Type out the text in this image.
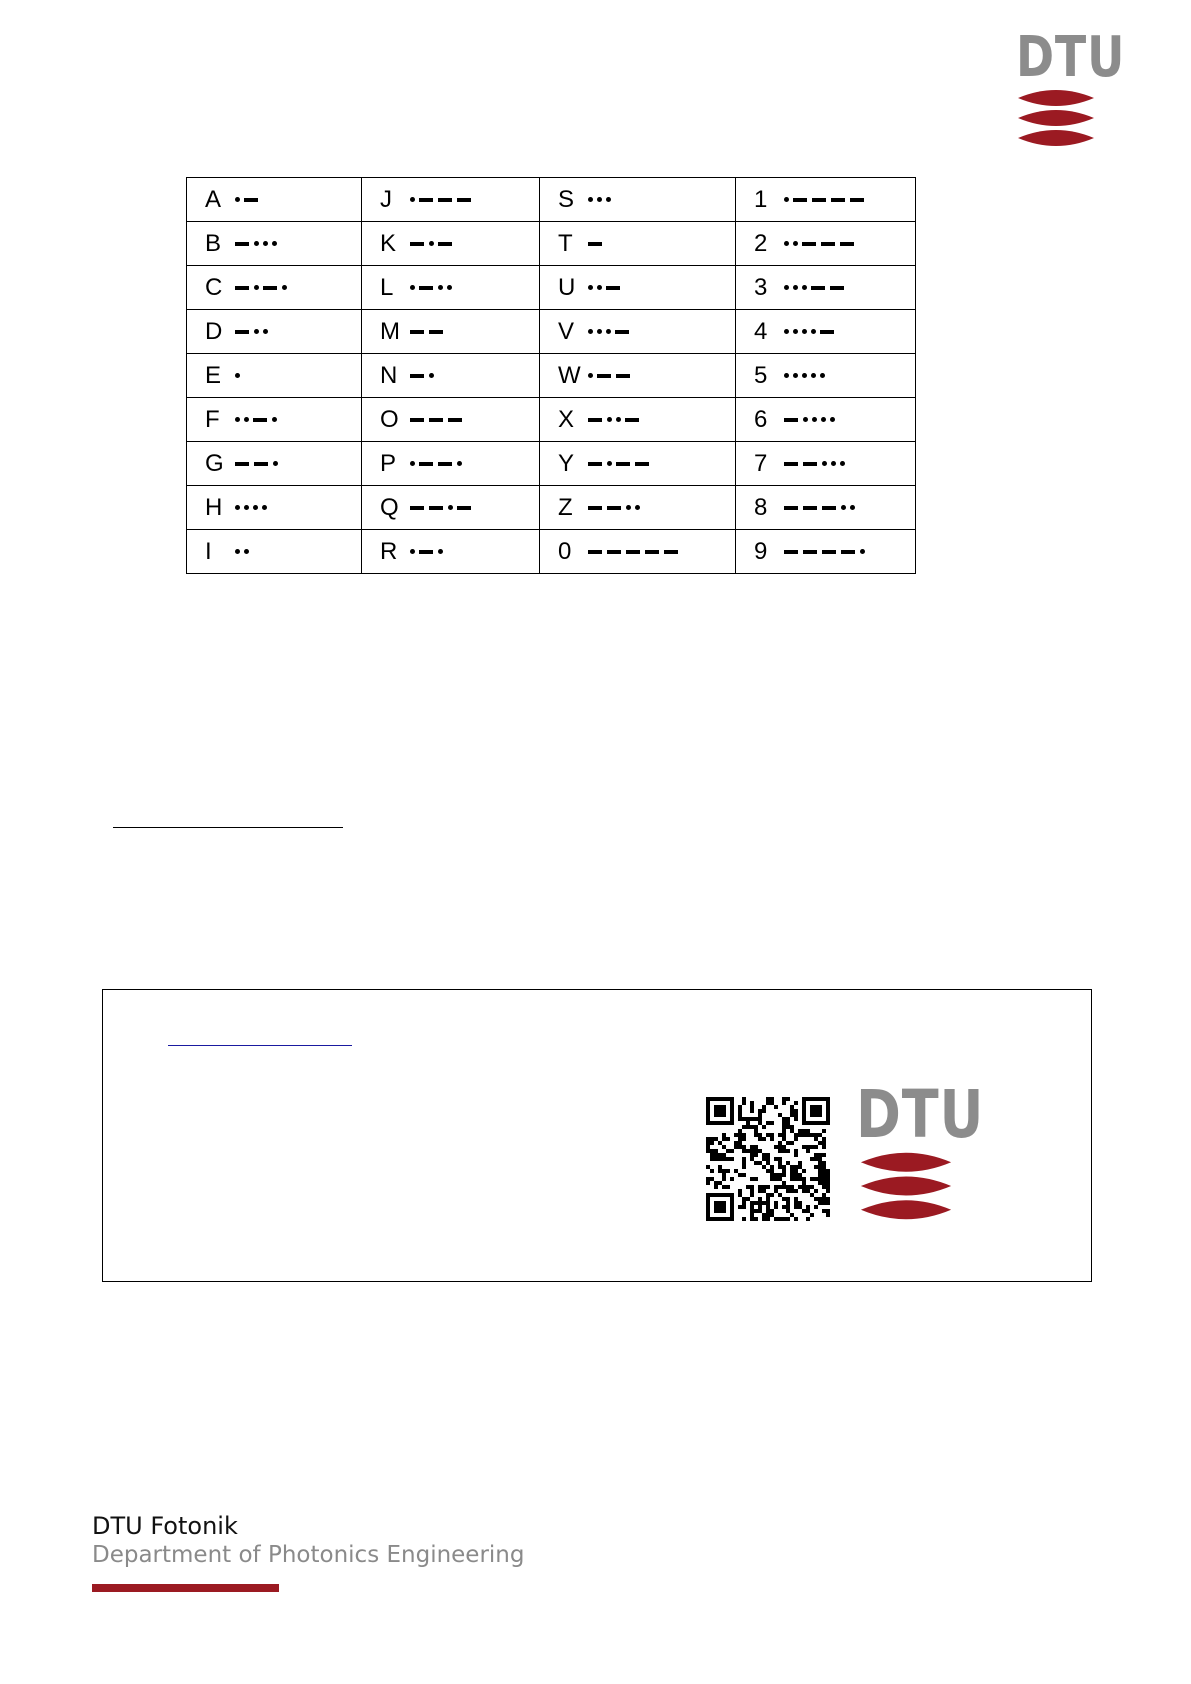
DTU
A	J	S	1

B	K	T	2

C	L	U	3

D	M	V	4

E	N	W	5

F	O	X	6

G	P	Y	7

H	Q	Z	8

I	R	0	9
DTU
DTU Fotonik
Department of Photonics Engineering
